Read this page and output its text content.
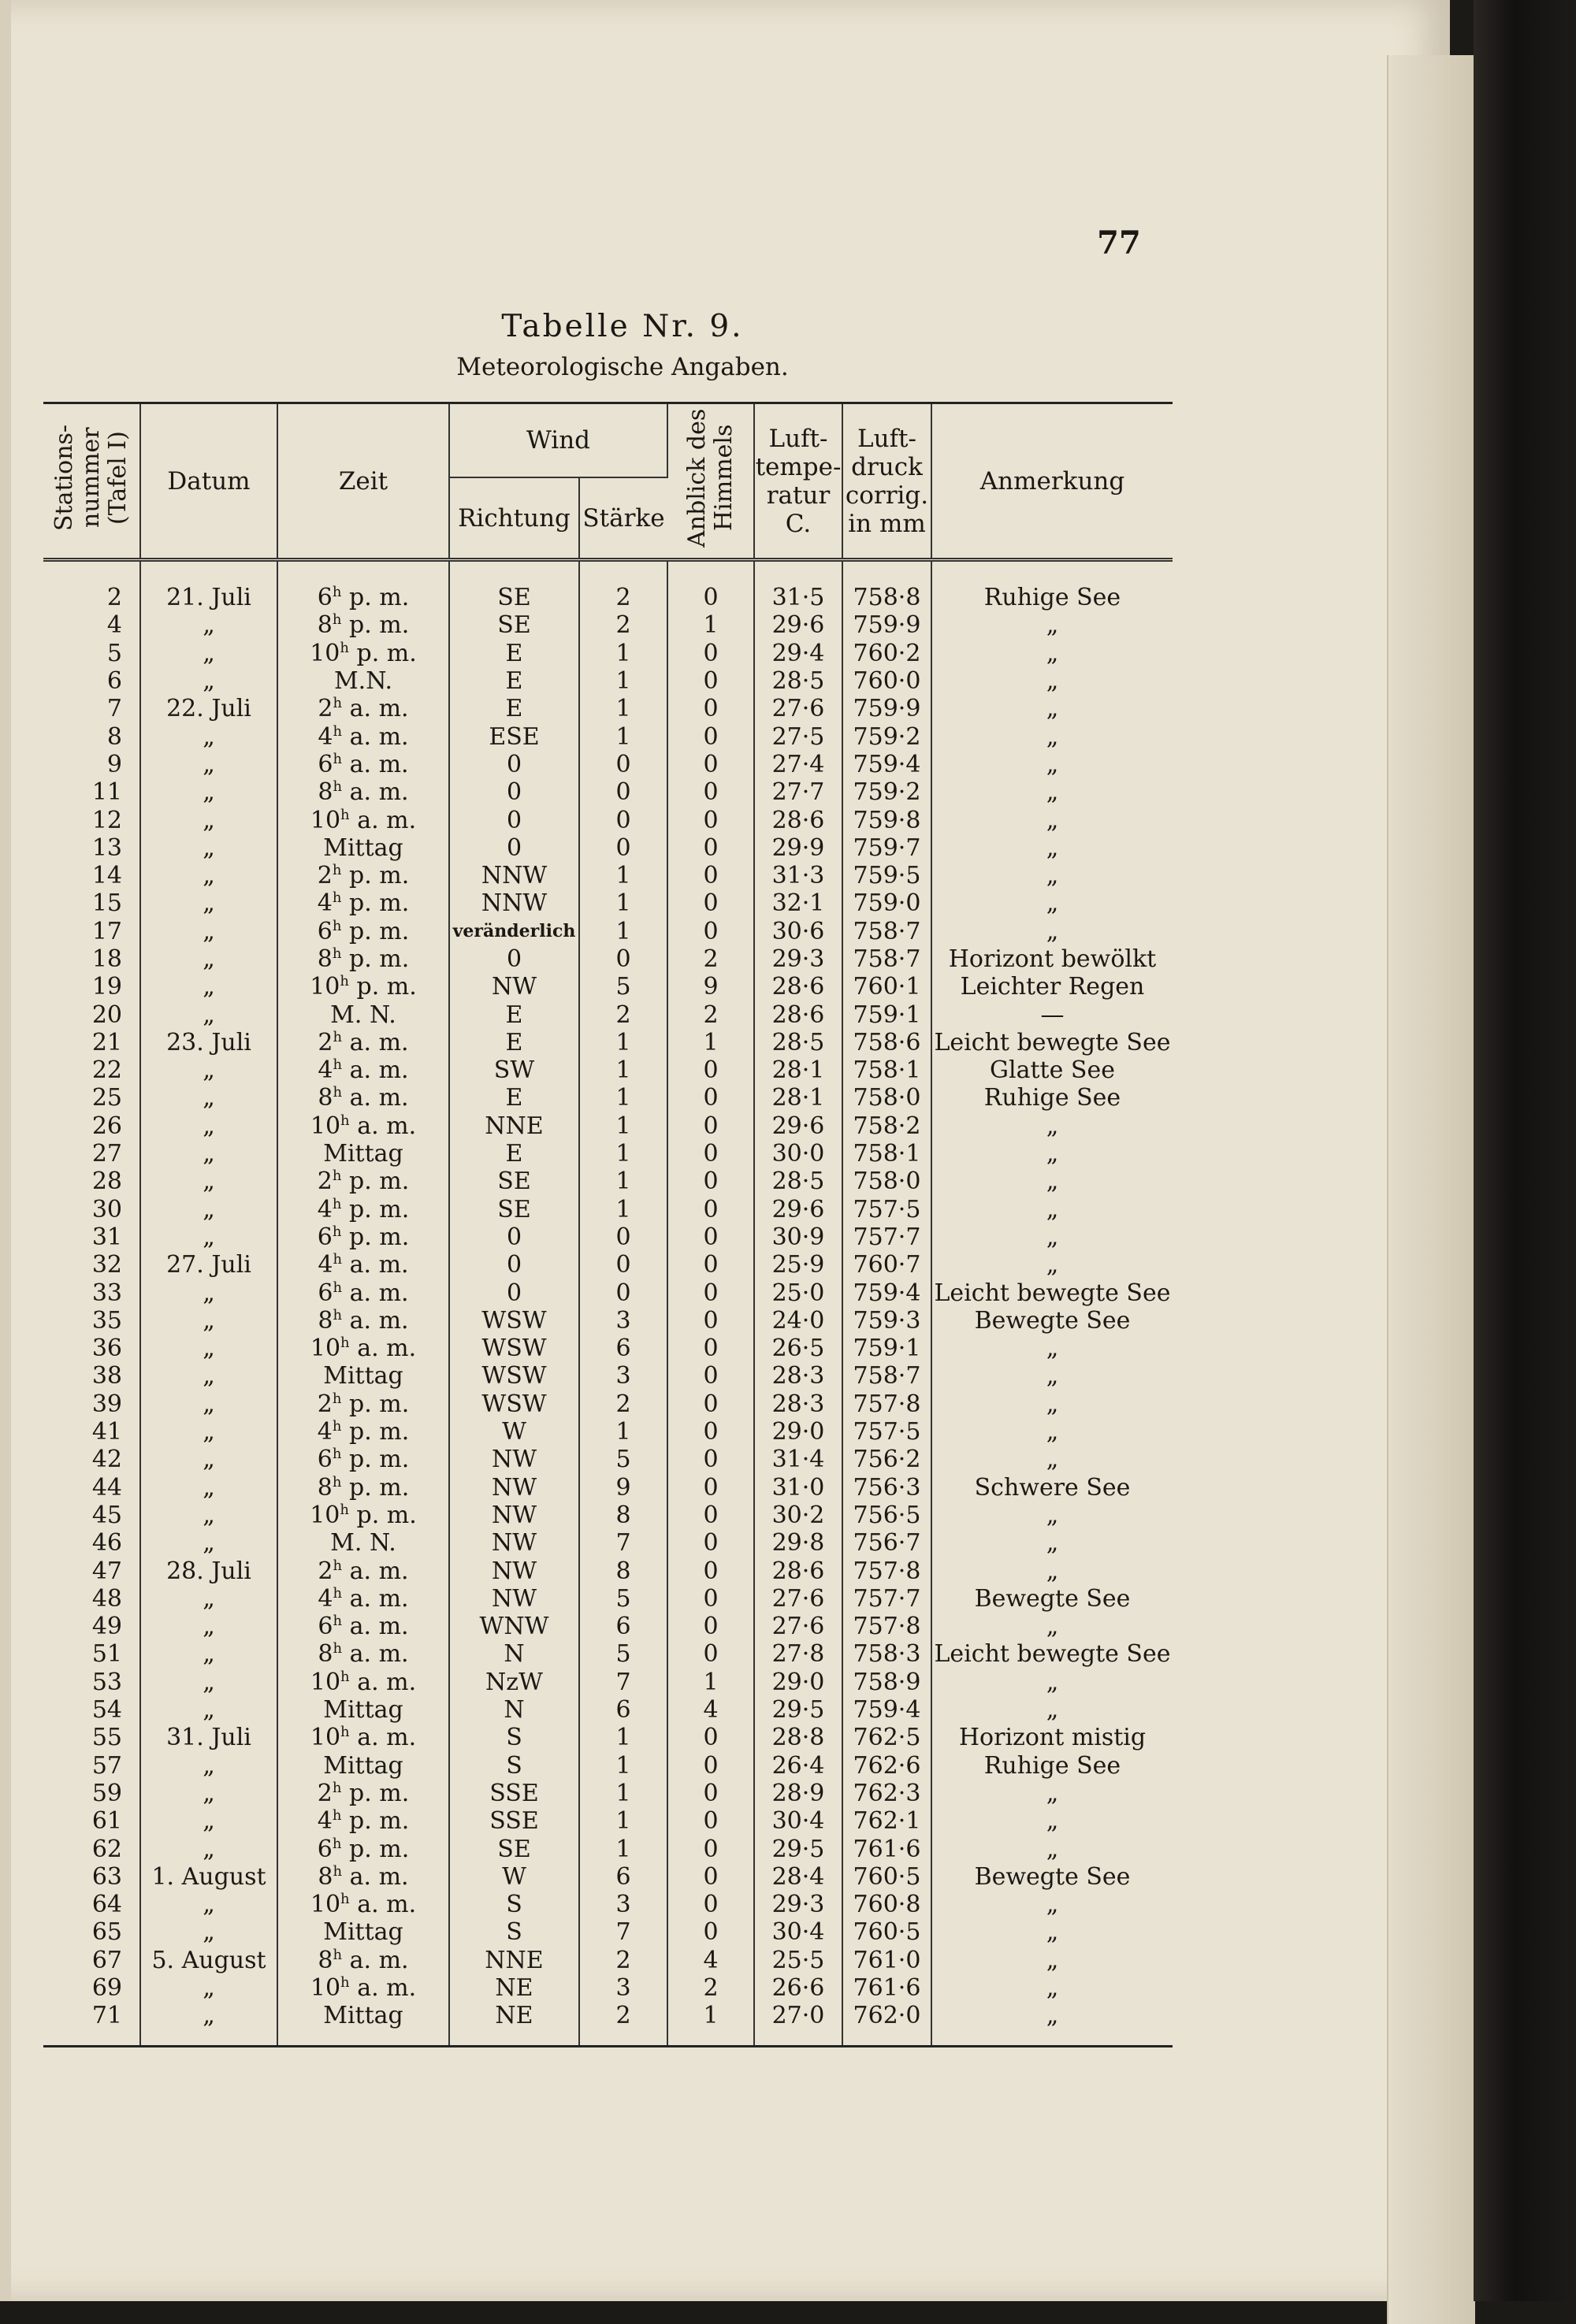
77
Tabelle Nr. 9.
Meteorologische Angaben.
Stations-nummer (Tafel I)	Datum	Zeit	Wind		Anblick des Himmels	Luft-tempe-ratur C.	Luft-druck corrig. in mm	Anmerkung
			Richtung	Stärke				
2	21. Juli	6$^h$ p. m.	SE	2	0	31·5	758·8	Ruhige See
4	„	8$^h$ p. m.	SE	2	1	29·6	759·9	„
5	„	10$^h$ p. m.	E	1	0	29·4	760·2	„
6	„	M.N.	E	1	0	28·5	760·0	„
7	22. Juli	2$^h$ a. m.	E	1	0	27·6	759·9	„
8	„	4$^h$ a. m.	ESE	1	0	27·5	759·2	„
9	„	6$^h$ a. m.	0	0	0	27·4	759·4	„
11	„	8$^h$ a. m.	0	0	0	27·7	759·2	„
12	„	10$^h$ a. m.	0	0	0	28·6	759·8	„
13	„	Mittag	0	0	0	29·9	759·7	„
14	„	2$^h$ p. m.	NNW	1	0	31·3	759·5	„
15	„	4$^h$ p. m.	NNW	1	0	32·1	759·0	„
17	„	6$^h$ p. m.	veränderlich	1	0	30·6	758·7	„
18	„	8$^h$ p. m.	0	0	2	29·3	758·7	Horizont bewölkt
19	„	10$^h$ p. m.	NW	5	9	28·6	760·1	Leichter Regen
20	„	M. N.	E	2	2	28·6	759·1	—
21	23. Juli	2$^h$ a. m.	E	1	1	28·5	758·6	Leicht bewegte See
22	„	4$^h$ a. m.	SW	1	0	28·1	758·1	Glatte See
25	„	8$^h$ a. m.	E	1	0	28·1	758·0	Ruhige See
26	„	10$^h$ a. m.	NNE	1	0	29·6	758·2	„
27	„	Mittag	E	1	0	30·0	758·1	„
28	„	2$^h$ p. m.	SE	1	0	28·5	758·0	„
30	„	4$^h$ p. m.	SE	1	0	29·6	757·5	„
31	„	6$^h$ p. m.	0	0	0	30·9	757·7	„
32	27. Juli	4$^h$ a. m.	0	0	0	25·9	760·7	„
33	„	6$^h$ a. m.	0	0	0	25·0	759·4	Leicht bewegte See
35	„	8$^h$ a. m.	WSW	3	0	24·0	759·3	Bewegte See
36	„	10$^h$ a. m.	WSW	6	0	26·5	759·1	„
38	„	Mittag	WSW	3	0	28·3	758·7	„
39	„	2$^h$ p. m.	WSW	2	0	28·3	757·8	„
41	„	4$^h$ p. m.	W	1	0	29·0	757·5	„
42	„	6$^h$ p. m.	NW	5	0	31·4	756·2	„
44	„	8$^h$ p. m.	NW	9	0	31·0	756·3	Schwere See
45	„	10$^h$ p. m.	NW	8	0	30·2	756·5	„
46	„	M. N.	NW	7	0	29·8	756·7	„
47	28. Juli	2$^h$ a. m.	NW	8	0	28·6	757·8	„
48	„	4$^h$ a. m.	NW	5	0	27·6	757·7	Bewegte See
49	„	6$^h$ a. m.	WNW	6	0	27·6	757·8	„
51	„	8$^h$ a. m.	N	5	0	27·8	758·3	Leicht bewegte See
53	„	10$^h$ a. m.	NzW	7	1	29·0	758·9	„
54	„	Mittag	N	6	4	29·5	759·4	„
55	31. Juli	10$^h$ a. m.	S	1	0	28·8	762·5	Horizont mistig
57	„	Mittag	S	1	0	26·4	762·6	Ruhige See
59	„	2$^h$ p. m.	SSE	1	0	28·9	762·3	„
61	„	4$^h$ p. m.	SSE	1	0	30·4	762·1	„
62	„	6$^h$ p. m.	SE	1	0	29·5	761·6	„
63	1. August	8$^h$ a. m.	W	6	0	28·4	760·5	Bewegte See
64	„	10$^h$ a. m.	S	3	0	29·3	760·8	„
65	„	Mittag	S	7	0	30·4	760·5	„
67	5. August	8$^h$ a. m.	NNE	2	4	25·5	761·0	„
69	„	10$^h$ a. m.	NE	3	2	26·6	761·6	„
71	„	Mittag	NE	2	1	27·0	762·0	„
